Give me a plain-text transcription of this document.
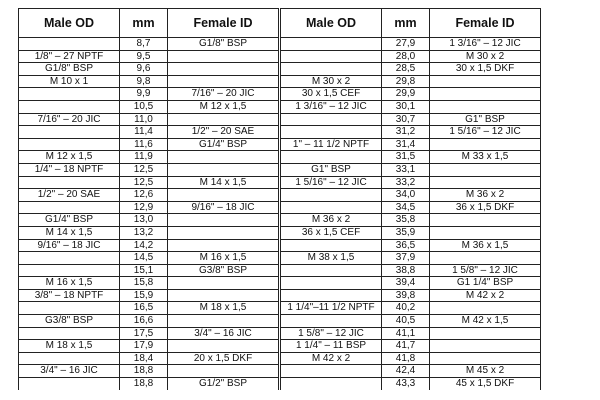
Male OD	mm	Female ID	Male OD	mm	Female ID
	8,7	G1/8" BSP		27,9	1 3/16" – 12 JIC
1/8" – 27 NPTF	9,5			28,0	M 30 x 2
G1/8" BSP	9,6			28,5	30 x 1,5 DKF
M 10 x 1	9,8		M 30 x 2	29,8	
	9,9	7/16" – 20 JIC	30 x 1,5 CEF	29,9	
	10,5	M 12 x 1,5	1 3/16" – 12 JIC	30,1	
7/16" – 20 JIC	11,0			30,7	G1" BSP
	11,4	1/2" – 20 SAE		31,2	1 5/16" – 12 JIC
	11,6	G1/4" BSP	1" – 11 1/2 NPTF	31,4	
M 12 x 1,5	11,9			31,5	M 33 x 1,5
1/4" – 18 NPTF	12,5		G1" BSP	33,1	
	12,5	M 14 x 1,5	1 5/16" – 12 JIC	33,2	
1/2" – 20 SAE	12,6			34,0	M 36 x 2
	12,9	9/16" – 18 JIC		34,5	36 x 1,5 DKF
G1/4" BSP	13,0		M 36 x 2	35,8	
M 14 x 1,5	13,2		36 x 1,5 CEF	35,9	
9/16" – 18 JIC	14,2			36,5	M 36 x 1,5
	14,5	M 16 x 1,5	M 38 x 1,5	37,9	
	15,1	G3/8" BSP		38,8	1 5/8" – 12 JIC
M 16 x 1,5	15,8			39,4	G1 1/4" BSP
3/8" – 18 NPTF	15,9			39,8	M 42 x 2
	16,5	M 18 x 1,5	1 1/4"–11 1/2 NPTF	40,2	
G3/8" BSP	16,6			40,5	M 42 x 1,5
	17,5	3/4" – 16 JIC	1 5/8" – 12 JIC	41,1	
M 18 x 1,5	17,9		1 1/4" – 11 BSP	41,7	
	18,4	20 x 1,5 DKF	M 42 x 2	41,8	
3/4" – 16 JIC	18,8			42,4	M 45 x 2
	18,8	G1/2" BSP		43,3	45 x 1,5 DKF
